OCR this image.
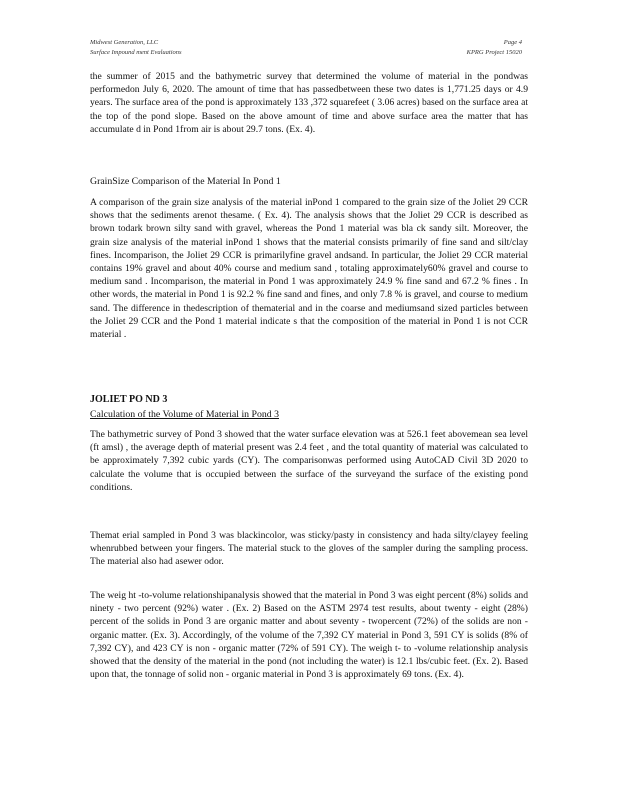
Midwest Generation, LLC
Surface Impound ment Evaluations
Page 4
KPRG Project 15020
the summer of 2015 and the bathymetric survey that determined the volume of material in the pondwas performedon July 6, 2020. The amount of time that has passedbetween these two dates is 1,771.25 days or 4.9 years. The surface area of the pond is approximately 133 ,372 squarefeet ( 3.06 acres) based on the surface area at the top of the pond slope. Based on the above amount of time and above surface area the matter that has accumulate d in Pond 1from air is about 29.7 tons. (Ex. 4).
GrainSize Comparison of the Material In Pond 1
A comparison of the grain size analysis of the material inPond 1 compared to the grain size of the Joliet 29 CCR shows that the sediments arenot thesame. ( Ex. 4). The analysis shows that the Joliet 29 CCR is described as brown todark brown silty sand with gravel, whereas the Pond 1 material was bla ck sandy silt. Moreover, the grain size analysis of the material inPond 1 shows that the material consists primarily of fine sand and silt/clay fines. Incomparison, the Joliet 29 CCR is primarilyfine gravel andsand. In particular, the Joliet 29 CCR material contains 19% gravel and about 40% course and medium sand , totaling approximately60% gravel and course to medium sand . Incomparison, the material in Pond 1 was approximately 24.9 % fine sand and 67.2 % fines . In other words, the material in Pond 1 is 92.2 % fine sand and fines, and only 7.8 % is gravel, and course to medium sand. The difference in thedescription of thematerial and in the coarse and mediumsand sized particles between the Joliet 29 CCR and the Pond 1 material indicate s that the composition of the material in Pond 1 is not CCR material .
JOLIET PO ND 3
Calculation of the Volume of Material in Pond 3
The bathymetric survey of Pond 3 showed that the water surface elevation was at 526.1 feet abovemean sea level (ft amsl) , the average depth of material present was 2.4 feet , and the total quantity of material was calculated to be approximately 7,392 cubic yards (CY). The comparisonwas performed using AutoCAD Civil 3D 2020 to calculate the volume that is occupied between the surface of the surveyand the surface of the existing pond conditions.
Themat erial sampled in Pond 3 was blackincolor, was sticky/pasty in consistency and hada silty/clayey feeling whenrubbed between your fingers. The material stuck to the gloves of the sampler during the sampling process. The material also had asewer odor.
The weig ht -to-volume relationshipanalysis showed that the material in Pond 3 was eight percent (8%) solids and ninety - two percent (92%) water . (Ex. 2) Based on the ASTM 2974 test results, about twenty - eight (28%) percent of the solids in Pond 3 are organic matter and about seventy - twopercent (72%) of the solids are non - organic matter. (Ex. 3). Accordingly, of the volume of the 7,392 CY material in Pond 3, 591 CY is solids (8% of 7,392 CY), and 423 CY is non - organic matter (72% of 591 CY). The weigh t- to -volume relationship analysis showed that the density of the material in the pond (not including the water) is 12.1 lbs/cubic feet. (Ex. 2). Based upon that, the tonnage of solid non - organic material in Pond 3 is approximately 69 tons. (Ex. 4).
